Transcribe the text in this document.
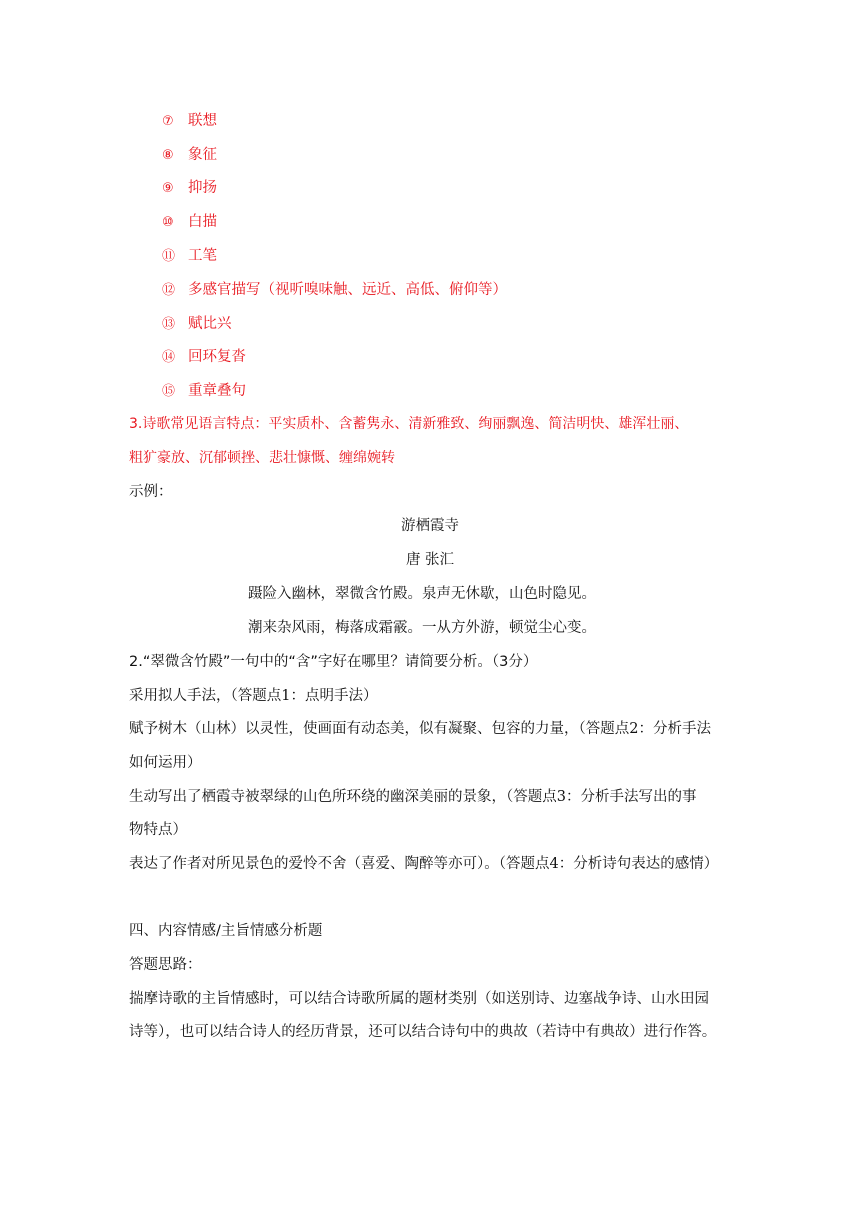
⑦ 联想
⑧ 象征
⑨ 抑扬
⑩ 白描
⑪ 工笔
⑫ 多感官描写（视听嗅味触、远近、高低、俯仰等）
⑬ 赋比兴
⑭ 回环复沓
⑮ 重章叠句
3.诗歌常见语言特点：平实质朴、含蓄隽永、清新雅致、绚丽飘逸、简洁明快、雄浑壮丽、
粗犷豪放、沉郁顿挫、悲壮慷慨、缠绵婉转
示例：
游栖霞寺
唐 张汇
蹑险入幽林，翠微含竹殿。泉声无休歇，山色时隐见。
潮来杂风雨，梅落成霜霰。一从方外游，顿觉尘心变。
2.“翠微含竹殿”一句中的“含”字好在哪里？请简要分析。（3分）
采用拟人手法，（答题点1：点明手法）
赋予树木（山林）以灵性，使画面有动态美，似有凝聚、包容的力量，（答题点2：分析手法
如何运用）
生动写出了栖霞寺被翠绿的山色所环绕的幽深美丽的景象，（答题点3：分析手法写出的事
物特点）
表达了作者对所见景色的爱怜不舍（喜爱、陶醉等亦可）。（答题点4：分析诗句表达的感情）
四、内容情感/主旨情感分析题
答题思路：
揣摩诗歌的主旨情感时，可以结合诗歌所属的题材类别（如送别诗、边塞战争诗、山水田园
诗等），也可以结合诗人的经历背景，还可以结合诗句中的典故（若诗中有典故）进行作答。
